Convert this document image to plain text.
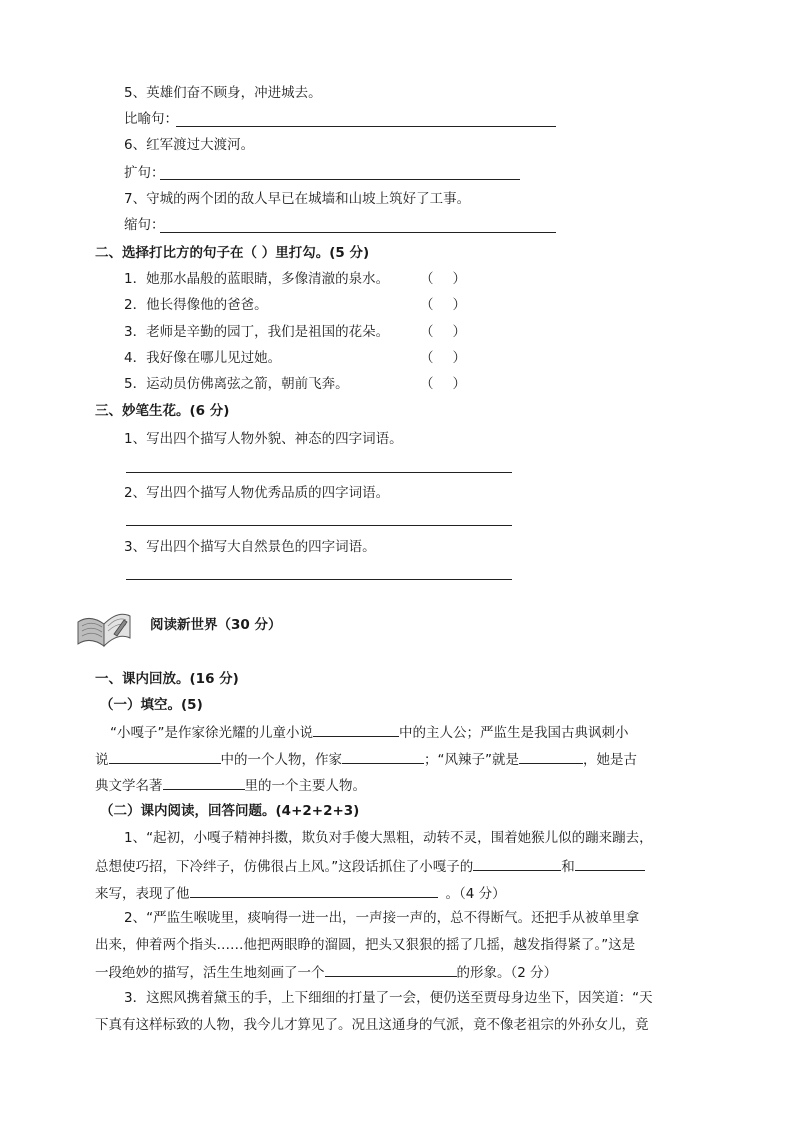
5、英雄们奋不顾身，冲进城去。
比喻句：
6、红军渡过大渡河。
扩句：
7、守城的两个团的敌人早已在城墙和山坡上筑好了工事。
缩句：
二、选择打比方的句子在（ ）里打勾。(5 分)
1．她那水晶般的蓝眼睛，多像清澈的泉水。 （ ）
2．他长得像他的爸爸。	（ ）
3．老师是辛勤的园丁，我们是祖国的花朵。 （ ）
4．我好像在哪儿见过她。	（ ）
5．运动员仿佛离弦之箭，朝前飞奔。	（ ）
三、妙笔生花。(6 分)
1、写出四个描写人物外貌、神态的四字词语。
2、写出四个描写人物优秀品质的四字词语。
3、写出四个描写大自然景色的四字词语。
阅读新世界（30 分）
一、课内回放。(16 分)
（一）填空。(5)
“小嘎子”是作家徐光耀的儿童小说	中的主人公；严监生是我国古典讽刺小
说	中的一个人物，作家	；“风辣子”就是	，她是古
典文学名著	里的一个主要人物。
（二）课内阅读，回答问题。(4+2+2+3)
1、“起初，小嘎子精神抖擞，欺负对手傻大黑粗，动转不灵，围着她猴儿似的蹦来蹦去，
总想使巧招，下冷绊子，仿佛很占上风。”这段话抓住了小嘎子的	和
来写，表现了他	。（4 分）
2、“严监生喉咙里，痰响得一进一出，一声接一声的，总不得断气。还把手从被单里拿
出来，伸着两个指头……他把两眼睁的溜圆，把头又狠狠的摇了几摇，越发指得紧了。”这是
一段绝妙的描写，活生生地刻画了一个	的形象。（2 分）
3．这熙风携着黛玉的手，上下细细的打量了一会，便仍送至贾母身边坐下，因笑道：“天
下真有这样标致的人物，我今儿才算见了。况且这通身的气派，竟不像老祖宗的外孙女儿，竟
